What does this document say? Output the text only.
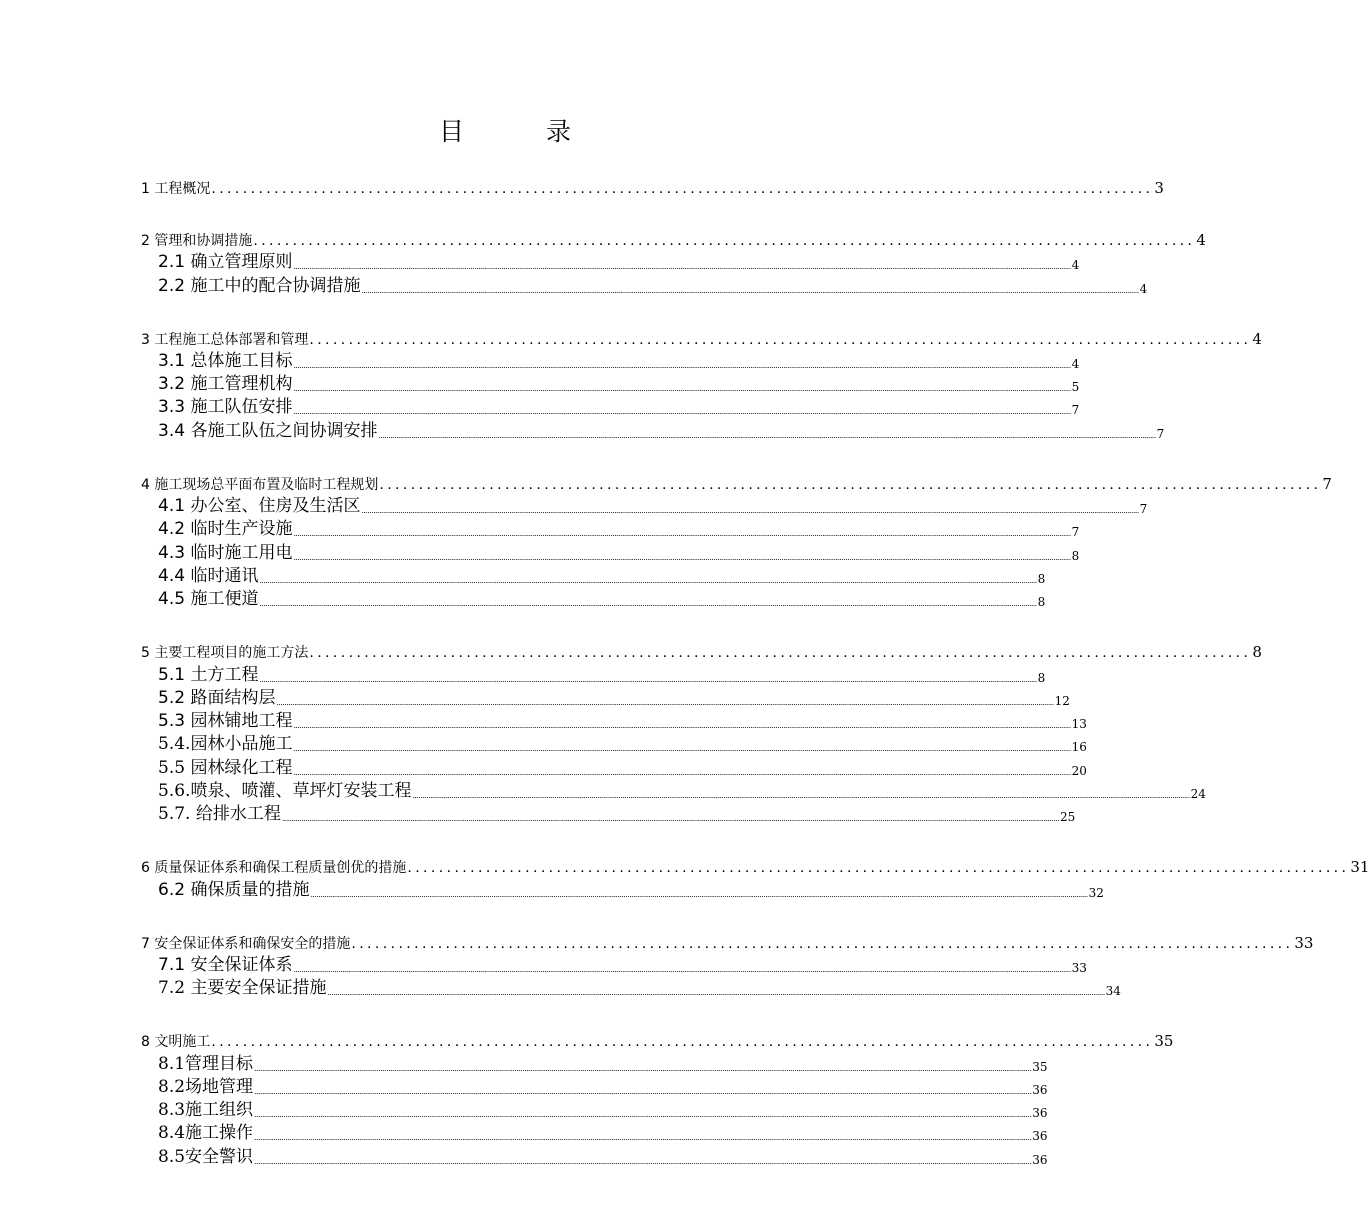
目	录
1 工程概况 ........................................................................................................................ 3
2 管理和协调措施 ........................................................................................................................ 4
2.1 确立管理原则 ................................................................................................................................................................................................................................................................................................................................................................................................................ 4
2.2 施工中的配合协调措施 ................................................................................................................................................................................................................................................................................................................................................................................................................ 4
3 工程施工总体部署和管理 ........................................................................................................................ 4
3.1 总体施工目标 ................................................................................................................................................................................................................................................................................................................................................................................................................ 4
3.2 施工管理机构 ................................................................................................................................................................................................................................................................................................................................................................................................................ 5
3.3 施工队伍安排 ................................................................................................................................................................................................................................................................................................................................................................................................................ 7
3.4 各施工队伍之间协调安排 ................................................................................................................................................................................................................................................................................................................................................................................................................ 7
4 施工现场总平面布置及临时工程规划 ........................................................................................................................ 7
4.1 办公室、住房及生活区 ................................................................................................................................................................................................................................................................................................................................................................................................................ 7
4.2 临时生产设施 ................................................................................................................................................................................................................................................................................................................................................................................................................ 7
4.3 临时施工用电 ................................................................................................................................................................................................................................................................................................................................................................................................................ 8
4.4 临时通讯 ................................................................................................................................................................................................................................................................................................................................................................................................................ 8
4.5 施工便道 ................................................................................................................................................................................................................................................................................................................................................................................................................ 8
5 主要工程项目的施工方法 ........................................................................................................................ 8
5.1 土方工程 ................................................................................................................................................................................................................................................................................................................................................................................................................ 8
5.2 路面结构层 ................................................................................................................................................................................................................................................................................................................................................................................................................ 12
5.3 园林铺地工程 ................................................................................................................................................................................................................................................................................................................................................................................................................ 13
5.4.园林小品施工 ................................................................................................................................................................................................................................................................................................................................................................................................................ 16
5.5 园林绿化工程 ................................................................................................................................................................................................................................................................................................................................................................................................................ 20
5.6.喷泉、喷灌、草坪灯安装工程 ................................................................................................................................................................................................................................................................................................................................................................................................................ 24
5.7. 给排水工程 ................................................................................................................................................................................................................................................................................................................................................................................................................ 25
6 质量保证体系和确保工程质量创优的措施 ........................................................................................................................ 31
6.2 确保质量的措施 ................................................................................................................................................................................................................................................................................................................................................................................................................ 32
7 安全保证体系和确保安全的措施 ........................................................................................................................ 33
7.1 安全保证体系 ................................................................................................................................................................................................................................................................................................................................................................................................................ 33
7.2 主要安全保证措施 ................................................................................................................................................................................................................................................................................................................................................................................................................ 34
8 文明施工 ........................................................................................................................ 35
8.1管理目标 ................................................................................................................................................................................................................................................................................................................................................................................................................ 35
8.2场地管理 ................................................................................................................................................................................................................................................................................................................................................................................................................ 36
8.3施工组织 ................................................................................................................................................................................................................................................................................................................................................................................................................ 36
8.4施工操作 ................................................................................................................................................................................................................................................................................................................................................................................................................ 36
8.5安全警识 ................................................................................................................................................................................................................................................................................................................................................................................................................ 36
